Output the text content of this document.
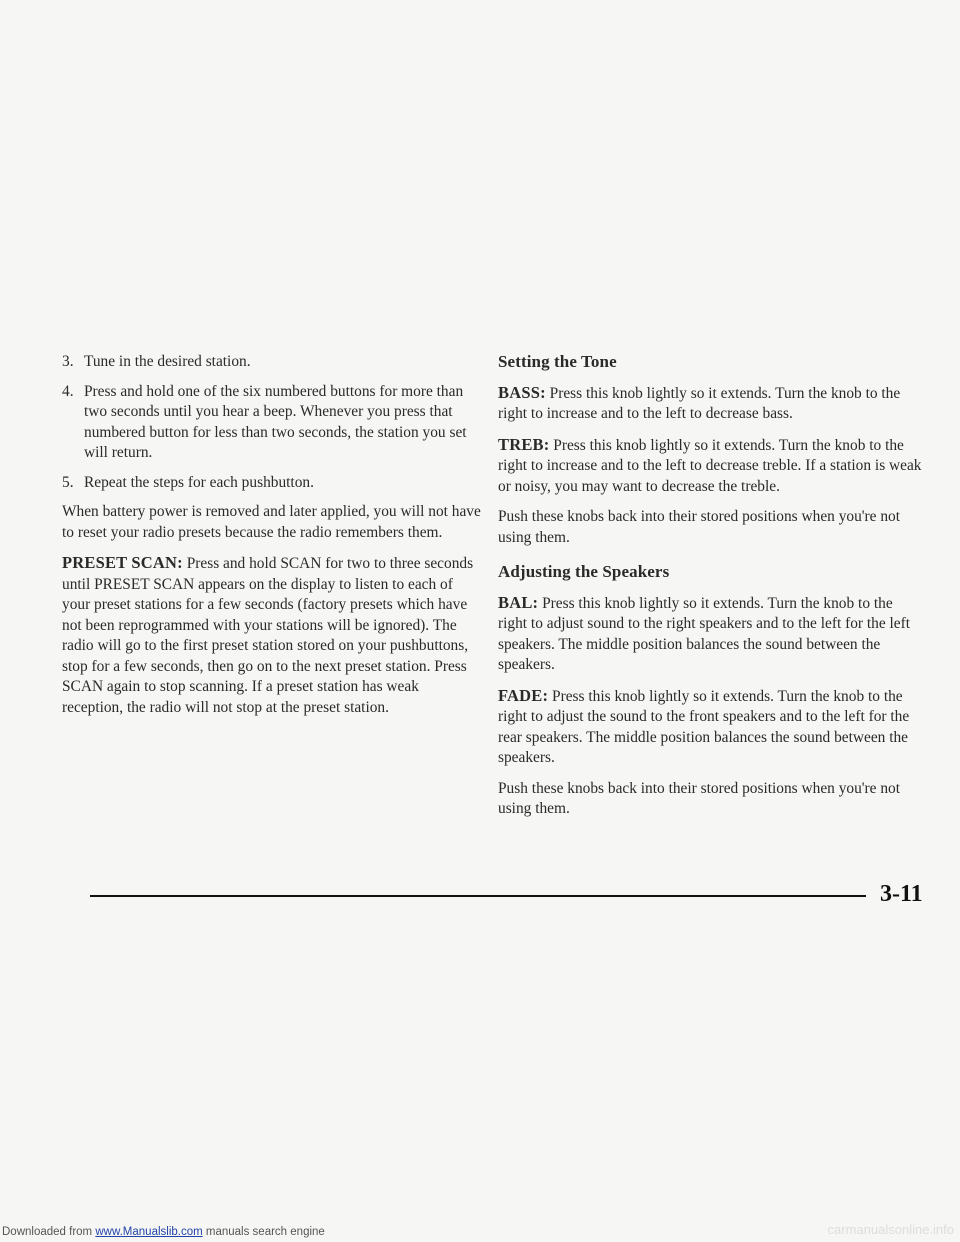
3. Tune in the desired station.
4. Press and hold one of the six numbered buttons for more than two seconds until you hear a beep. Whenever you press that numbered button for less than two seconds, the station you set will return.
5. Repeat the steps for each pushbutton.

When battery power is removed and later applied, you will not have to reset your radio presets because the radio remembers them.

PRESET SCAN: Press and hold SCAN for two to three seconds until PRESET SCAN appears on the display to listen to each of your preset stations for a few seconds (factory presets which have not been reprogrammed with your stations will be ignored). The radio will go to the first preset station stored on your pushbuttons, stop for a few seconds, then go on to the next preset station. Press SCAN again to stop scanning. If a preset station has weak reception, the radio will not stop at the preset station.

Setting the Tone

BASS: Press this knob lightly so it extends. Turn the knob to the right to increase and to the left to decrease bass.

TREB: Press this knob lightly so it extends. Turn the knob to the right to increase and to the left to decrease treble. If a station is weak or noisy, you may want to decrease the treble.

Push these knobs back into their stored positions when you're not using them.

Adjusting the Speakers

BAL: Press this knob lightly so it extends. Turn the knob to the right to adjust sound to the right speakers and to the left for the left speakers. The middle position balances the sound between the speakers.

FADE: Press this knob lightly so it extends. Turn the knob to the right to adjust the sound to the front speakers and to the left for the rear speakers. The middle position balances the sound between the speakers.

Push these knobs back into their stored positions when you're not using them.

3-11
Downloaded from www.Manualslib.com manuals search engine	carmanualsonline.info
